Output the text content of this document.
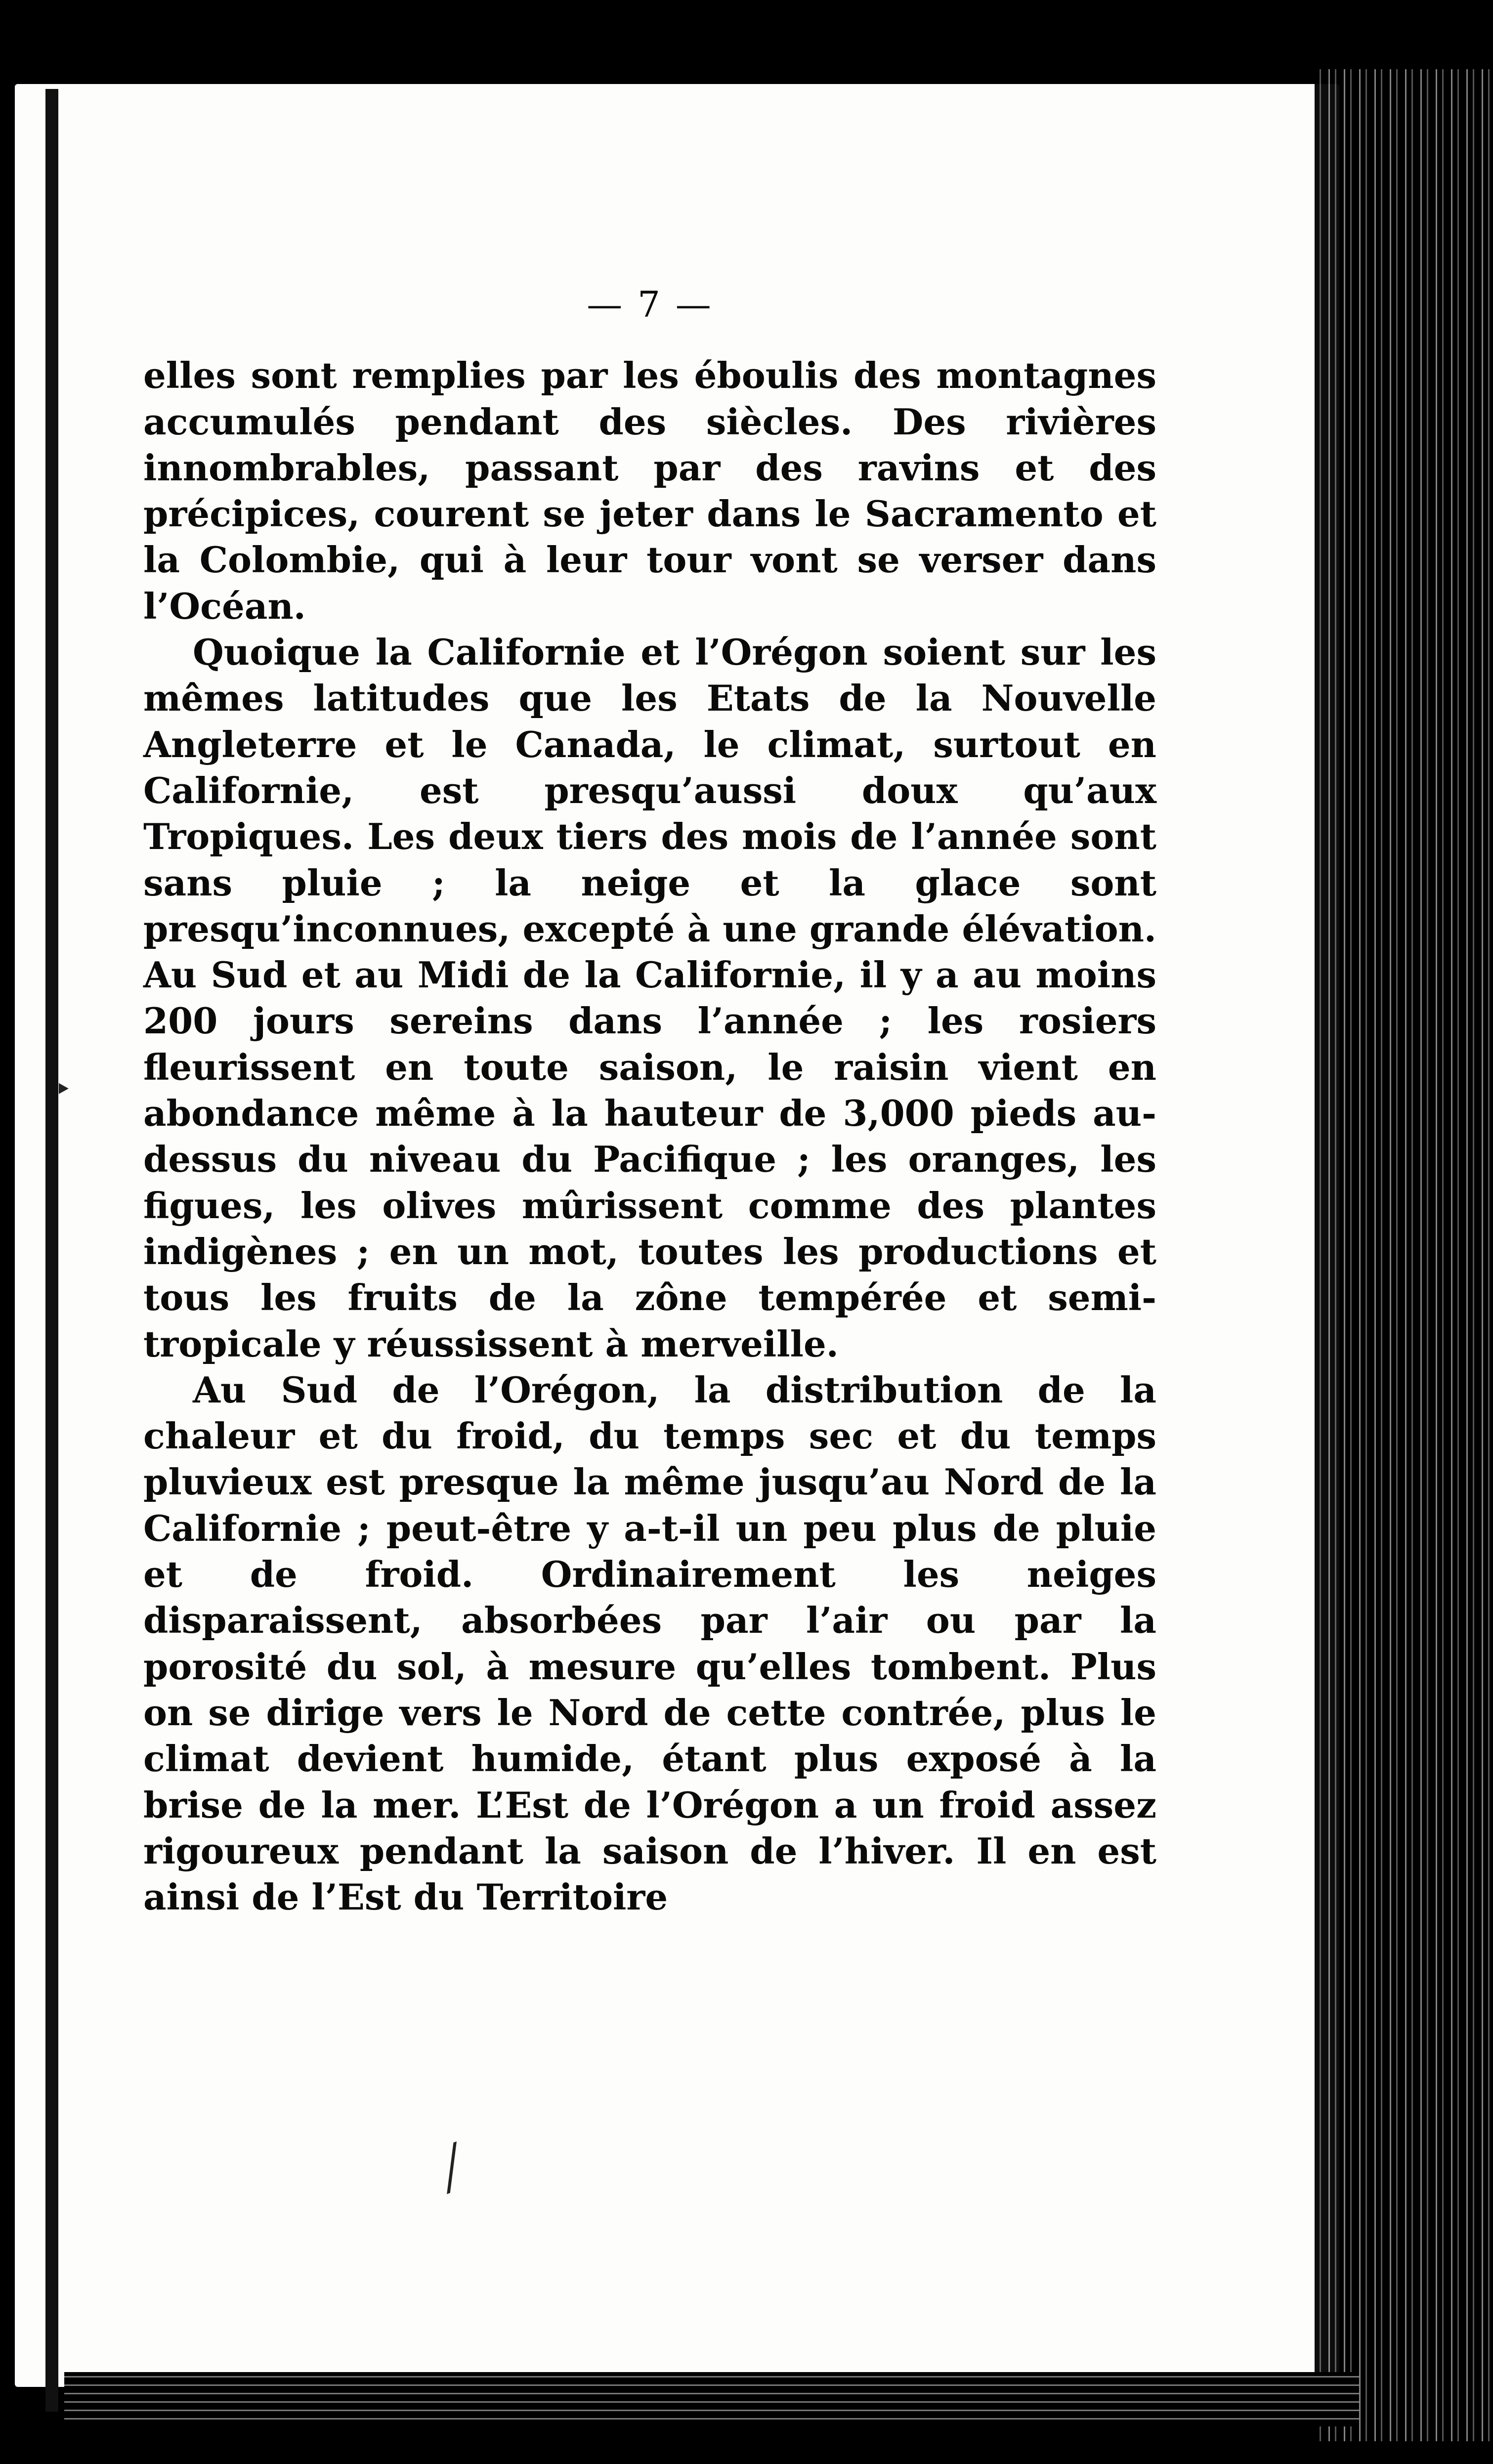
— 7 —

elles sont remplies par les éboulis des montagnes accumulés pendant des siècles. Des rivières innombrables, passant par des ravins et des précipices, courent se jeter dans le Sacramento et la Colombie, qui à leur tour vont se verser dans l’Océan.

Quoique la Californie et l’Orégon soient sur les mêmes latitudes que les Etats de la Nouvelle Angleterre et le Canada, le climat, surtout en Californie, est presqu’aussi doux qu’aux Tropiques. Les deux tiers des mois de l’année sont sans pluie ; la neige et la glace sont presqu’inconnues, excepté à une grande élévation. Au Sud et au Midi de la Californie, il y a au moins 200 jours sereins dans l’année ; les rosiers fleurissent en toute saison, le raisin vient en abondance même à la hauteur de 3,000 pieds au-dessus du niveau du Pacifique ; les oranges, les figues, les olives mûrissent comme des plantes indigènes ; en un mot, toutes les productions et tous les fruits de la zône tempérée et semi-tropicale y réussissent à merveille.

Au Sud de l’Orégon, la distribution de la chaleur et du froid, du temps sec et du temps pluvieux est presque la même jusqu’au Nord de la Californie ; peut-être y a-t-il un peu plus de pluie et de froid. Ordinairement les neiges disparaissent, absorbées par l’air ou par la porosité du sol, à mesure qu’elles tombent. Plus on se dirige vers le Nord de cette contrée, plus le climat devient humide, étant plus exposé à la brise de la mer. L’Est de l’Orégon a un froid assez rigoureux pendant la saison de l’hiver. Il en est ainsi de l’Est du Territoire

‣
╱
